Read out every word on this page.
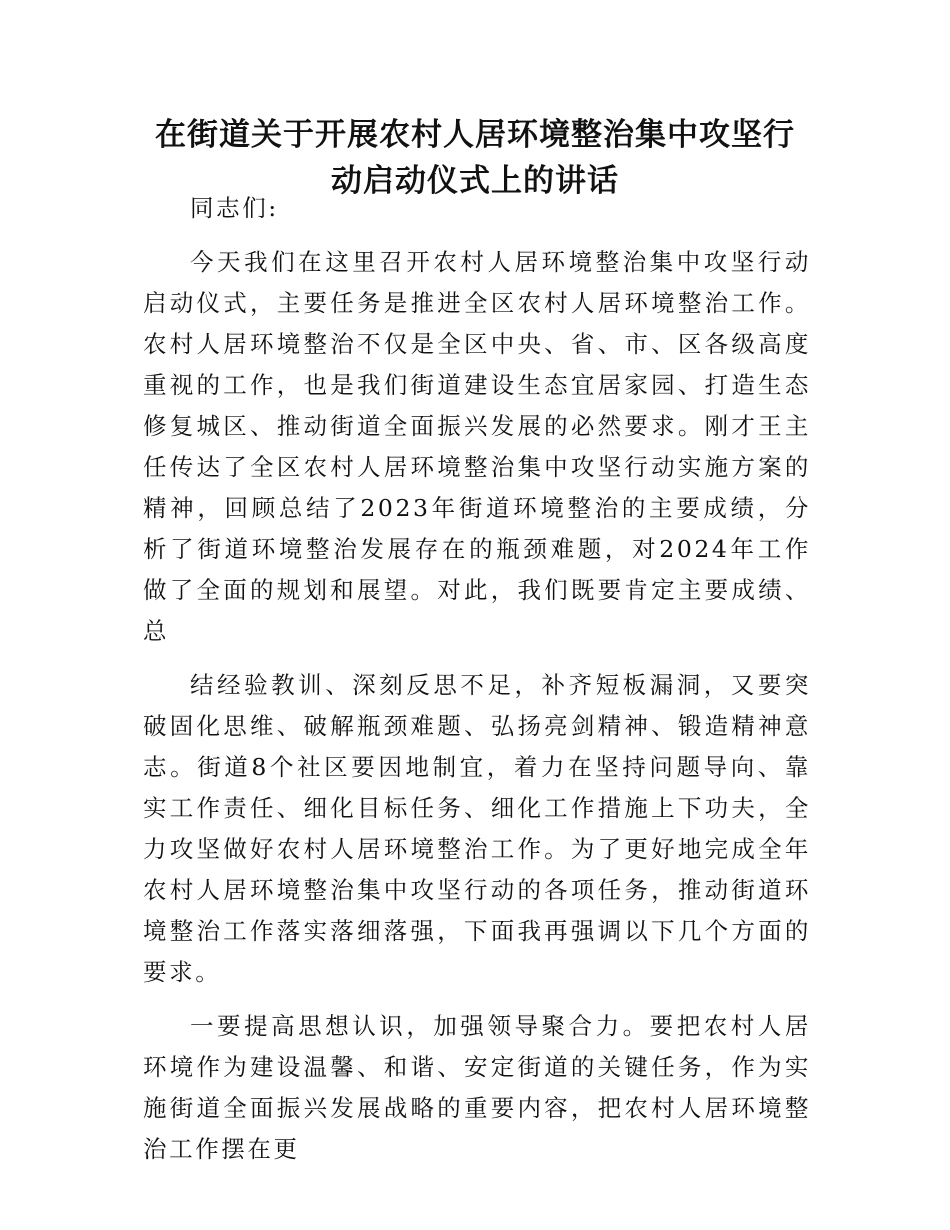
在街道关于开展农村人居环境整治集中攻坚行动启动仪式上的讲话

同志们:

今天我们在这里召开农村人居环境整治集中攻坚行动启动仪式，主要任务是推进全区农村人居环境整治工作。农村人居环境整治不仅是全区中央、省、市、区各级高度重视的工作，也是我们街道建设生态宜居家园、打造生态修复城区、推动街道全面振兴发展的必然要求。刚才王主任传达了全区农村人居环境整治集中攻坚行动实施方案的精神，回顾总结了2023年街道环境整治的主要成绩，分析了街道环境整治发展存在的瓶颈难题，对2024年工作做了全面的规划和展望。对此，我们既要肯定主要成绩、总

结经验教训、深刻反思不足，补齐短板漏洞，又要突破固化思维、破解瓶颈难题、弘扬亮剑精神、锻造精神意志。街道8个社区要因地制宜，着力在坚持问题导向、靠实工作责任、细化目标任务、细化工作措施上下功夫，全力攻坚做好农村人居环境整治工作。为了更好地完成全年农村人居环境整治集中攻坚行动的各项任务，推动街道环境整治工作落实落细落强，下面我再强调以下几个方面的要求。

一要提高思想认识，加强领导聚合力。要把农村人居环境作为建设温馨、和谐、安定街道的关键任务，作为实施街道全面振兴发展战略的重要内容，把农村人居环境整治工作摆在更
